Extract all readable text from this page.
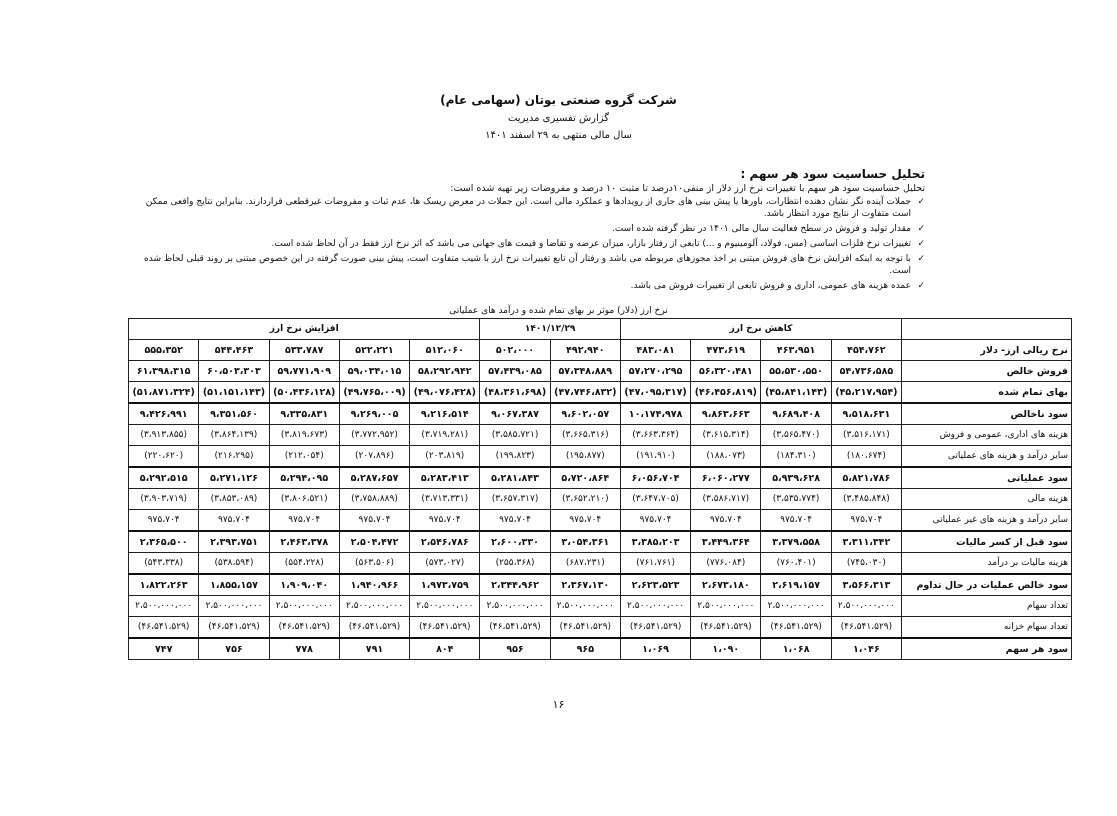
شرکت گروه صنعتی بوتان (سهامی عام)
گزارش تفسیری مدیریت
سال مالی منتهی به ۲۹ اسفند ۱۴۰۱
تحلیل حساسیت سود هر سهم :
تحلیل حساسیت سود هر سهم با تغییرات نرخ ارز دلار از منفی۱۰درصد تا مثبت ۱۰ درصد و مفروضات زیر تهیه شده است:
✓ جملات آینده نگر نشان دهنده انتظارات، باورها یا پیش بینی های جاری از رویدادها و عملکرد مالی است. این جملات در معرض ریسک ها، عدم ثبات و مفروضات غیرقطعی قراردارند. بنابراین نتایج واقعی ممکن است متفاوت از نتایج مورد انتظار باشد.
✓ مقدار تولید و فروش در سطح فعالیت سال مالی ۱۴۰۱ در نظر گرفته شده است.
✓ تغییرات نرخ فلزات اساسی (مس، فولاد، آلومینیوم و ...) تابعی از رفتار بازار، میزان عرضه و تقاضا و قیمت های جهانی می باشد که اثر نرخ ارز فقط در آن لحاظ شده است.
✓ با توجه به اینکه افزایش نرخ های فروش مبتنی بر اخذ مجوزهای مربوطه می باشد و رفتار آن تابع تغییرات نرخ ارز با شیب متفاوت است، پیش بینی صورت گرفته در این خصوص مبتنی بر روند قبلی لحاظ شده است.
✓ عمده هزینه های عمومی، اداری و فروش تابعی از تغییرات فروش می باشد.
نرخ ارز (دلار) موثر بر بهای تمام شده و درآمد های عملیاتی
	کاهش نرخ ارز				۱۴۰۱/۱۲/۲۹		افزایش نرخ ارز				
نرخ ریالی ارز- دلار	۴۵۴،۷۶۲	۴۶۳،۹۵۱	۴۷۳،۶۱۹	۴۸۳،۰۸۱	۴۹۲،۹۴۰	۵۰۲،۰۰۰	۵۱۲،۰۶۰	۵۲۲،۲۲۱	۵۳۳،۷۸۷	۵۴۴،۴۶۳	۵۵۵،۳۵۲
فروش خالص	۵۴،۷۳۶،۵۸۵	۵۵،۵۳۰،۵۵۰	۵۶،۳۲۰،۴۸۱	۵۷،۲۷۰،۲۹۵	۵۷،۳۴۸،۸۸۹	۵۷،۴۳۹،۰۸۵	۵۸،۲۹۲،۹۴۲	۵۹،۰۳۴،۰۱۵	۵۹،۷۷۱،۹۰۹	۶۰،۵۰۳،۳۰۳	۶۱،۳۹۸،۳۱۵
بهای تمام شده	(۴۵،۲۱۷،۹۵۴)	(۴۵،۸۴۱،۱۴۳)	(۴۶،۴۵۶،۸۱۹)	(۴۷،۰۹۵،۳۱۷)	(۴۷،۷۴۶،۸۳۲)	(۴۸،۳۶۱،۶۹۸)	(۴۹،۰۷۶،۴۲۸)	(۴۹،۷۶۵،۰۰۹)	(۵۰،۴۳۶،۱۲۸)	(۵۱،۱۵۱،۱۴۳)	(۵۱،۸۷۱،۳۲۴)
سود ناخالص	۹،۵۱۸،۶۳۱	۹،۶۸۹،۴۰۸	۹،۸۶۳،۶۶۳	۱۰،۱۷۴،۹۷۸	۹،۶۰۲،۰۵۷	۹،۰۶۷،۳۸۷	۹،۲۱۶،۵۱۴	۹،۲۶۹،۰۰۵	۹،۳۳۵،۸۳۱	۹،۳۵۱،۵۶۰	۹،۴۲۶،۹۹۱
هزینه های اداری، عمومی و فروش	(۳،۵۱۶،۱۷۱)	(۳،۵۶۵،۴۷۰)	(۳،۶۱۵،۳۱۴)	(۳،۶۶۳،۳۶۴)	(۳،۶۶۵،۳۱۶)	(۳،۵۸۵،۷۲۱)	(۳،۷۱۹،۲۸۱)	(۳،۷۷۲،۹۵۲)	(۳،۸۱۹،۶۷۳)	(۳،۸۶۴،۱۳۹)	(۳،۹۱۳،۸۵۵)
سایر درآمد و هزینه های عملیاتی	(۱۸۰،۶۷۴)	(۱۸۴،۳۱۰)	(۱۸۸،۰۷۳)	(۱۹۱،۹۱۰)	(۱۹۵،۸۷۷)	(۱۹۹،۸۲۳)	(۲۰۳،۸۱۹)	(۲۰۷،۸۹۶)	(۲۱۲،۰۵۴)	(۲۱۶،۲۹۵)	(۲۲۰،۶۲۰)
سود عملیاتی	۵،۸۲۱،۷۸۶	۵،۹۳۹،۶۲۸	۶،۰۶۰،۲۷۷	۶،۰۵۶،۷۰۴	۵،۷۲۰،۸۶۴	۵،۲۸۱،۸۴۳	۵،۲۸۳،۴۱۳	۵،۲۸۷،۶۵۷	۵،۲۹۴،۰۹۵	۵،۲۷۱،۱۲۶	۵،۲۹۲،۵۱۵
هزینه مالی	(۳،۴۸۵،۸۴۸)	(۳،۵۳۵،۷۷۴)	(۳،۵۸۶،۷۱۷)	(۳،۶۴۷،۷۰۵)	(۳،۶۵۲،۲۱۰)	(۳،۶۵۷،۳۱۷)	(۳،۷۱۳،۳۳۱)	(۳،۷۵۸،۸۸۹)	(۳،۸۰۶،۵۲۱)	(۳،۸۵۳،۰۸۹)	(۳،۹۰۳،۷۱۹)
سایر درآمد و هزینه های غیر عملیاتی	۹۷۵،۷۰۴	۹۷۵،۷۰۴	۹۷۵،۷۰۴	۹۷۵،۷۰۴	۹۷۵،۷۰۴	۹۷۵،۷۰۴	۹۷۵،۷۰۴	۹۷۵،۷۰۴	۹۷۵،۷۰۴	۹۷۵،۷۰۴	۹۷۵،۷۰۴
سود قبل از کسر مالیات	۳،۳۱۱،۳۴۲	۳،۳۷۹،۵۵۸	۳،۴۴۹،۳۶۴	۳،۳۸۵،۲۰۳	۳،۰۵۴،۳۶۱	۲،۶۰۰،۳۳۰	۲،۵۴۶،۷۸۶	۲،۵۰۴،۴۷۲	۲،۴۶۳،۳۷۸	۲،۳۹۳،۷۵۱	۲،۳۶۵،۵۰۰
هزینه مالیات بر درآمد	(۷۴۵،۰۳۰)	(۷۶۰،۴۰۱)	(۷۷۶،۰۸۴)	(۷۶۱،۷۶۱)	(۶۸۷،۲۳۱)	(۲۵۵،۳۶۸)	(۵۷۳،۰۲۷)	(۵۶۳،۵۰۶)	(۵۵۴،۲۲۸)	(۵۳۸،۵۹۴)	(۵۴۳،۳۳۸)
سود خالص عملیات در حال تداوم	۳،۵۶۶،۳۱۳	۲،۶۱۹،۱۵۷	۲،۶۷۳،۱۸۰	۲،۶۲۳،۵۲۳	۲،۳۶۷،۱۳۰	۲،۳۴۴،۹۶۲	۱،۹۷۳،۷۵۹	۱،۹۴۰،۹۶۶	۱،۹۰۹،۰۴۰	۱،۸۵۵،۱۵۷	۱،۸۲۲،۲۶۳
تعداد سهام	۲،۵۰۰،۰۰۰،۰۰۰	۲،۵۰۰،۰۰۰،۰۰۰	۲،۵۰۰،۰۰۰،۰۰۰	۲،۵۰۰،۰۰۰،۰۰۰	۲،۵۰۰،۰۰۰،۰۰۰	۲،۵۰۰،۰۰۰،۰۰۰	۲،۵۰۰،۰۰۰،۰۰۰	۲،۵۰۰،۰۰۰،۰۰۰	۲،۵۰۰،۰۰۰،۰۰۰	۲،۵۰۰،۰۰۰،۰۰۰	۲،۵۰۰،۰۰۰،۰۰۰
تعداد سهام خزانه	(۴۶،۵۴۱،۵۲۹)	(۴۶،۵۴۱،۵۲۹)	(۴۶،۵۴۱،۵۲۹)	(۴۶،۵۴۱،۵۲۹)	(۴۶،۵۴۱،۵۲۹)	(۴۶،۵۴۱،۵۲۹)	(۴۶،۵۴۱،۵۲۹)	(۴۶،۵۴۱،۵۲۹)	(۴۶،۵۴۱،۵۲۹)	(۴۶،۵۴۱،۵۲۹)	(۴۶،۵۴۱،۵۲۹)
سود هر سهم	۱،۰۴۶	۱،۰۶۸	۱،۰۹۰	۱،۰۶۹	۹۶۵	۹۵۶	۸۰۴	۷۹۱	۷۷۸	۷۵۶	۷۴۷
۱۶
